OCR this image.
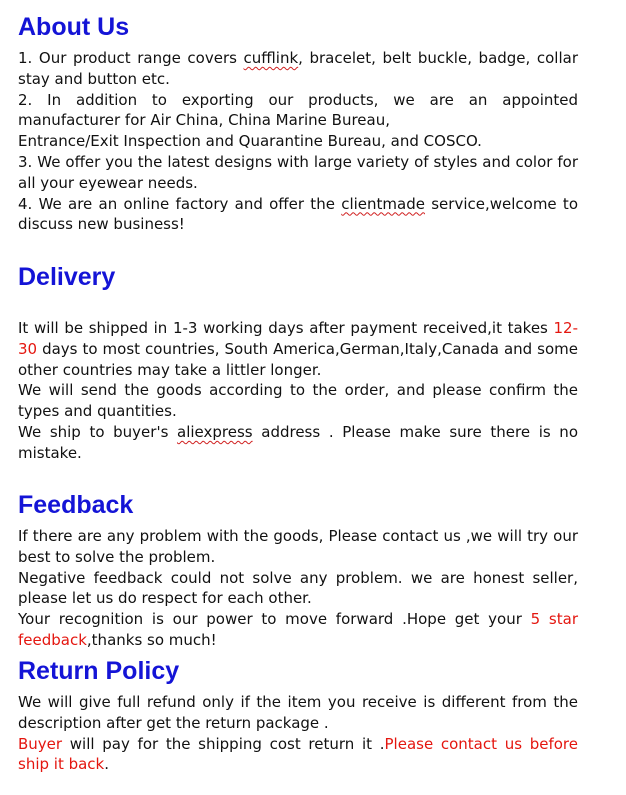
About Us
1. Our product range covers cufflink, bracelet, belt buckle, badge, collar stay and button etc.
2. In addition to exporting our products, we are an appointed manufacturer for Air China, China Marine Bureau,
Entrance/Exit Inspection and Quarantine Bureau, and COSCO.
3. We offer you the latest designs with large variety of styles and color for all your eyewear needs.
4. We are an online factory and offer the clientmade service,welcome to discuss new business!
Delivery
It will be shipped in 1-3 working days after payment received,it takes 12-30 days to most countries, South America,German,Italy,Canada and some other countries may take a littler longer.
We will send the goods according to the order, and please confirm the types and quantities.
We ship to buyer's aliexpress address . Please make sure there is no mistake.
Feedback
If there are any problem with the goods, Please contact us ,we will try our best to solve the problem.
Negative feedback could not solve any problem. we are honest seller, please let us do respect for each other.
Your recognition is our power to move forward .Hope get your 5 star feedback,thanks so much!
Return Policy
We will give full refund only if the item you receive is different from the description after get the return package .
Buyer will pay for the shipping cost return it .Please contact us before ship it back.
